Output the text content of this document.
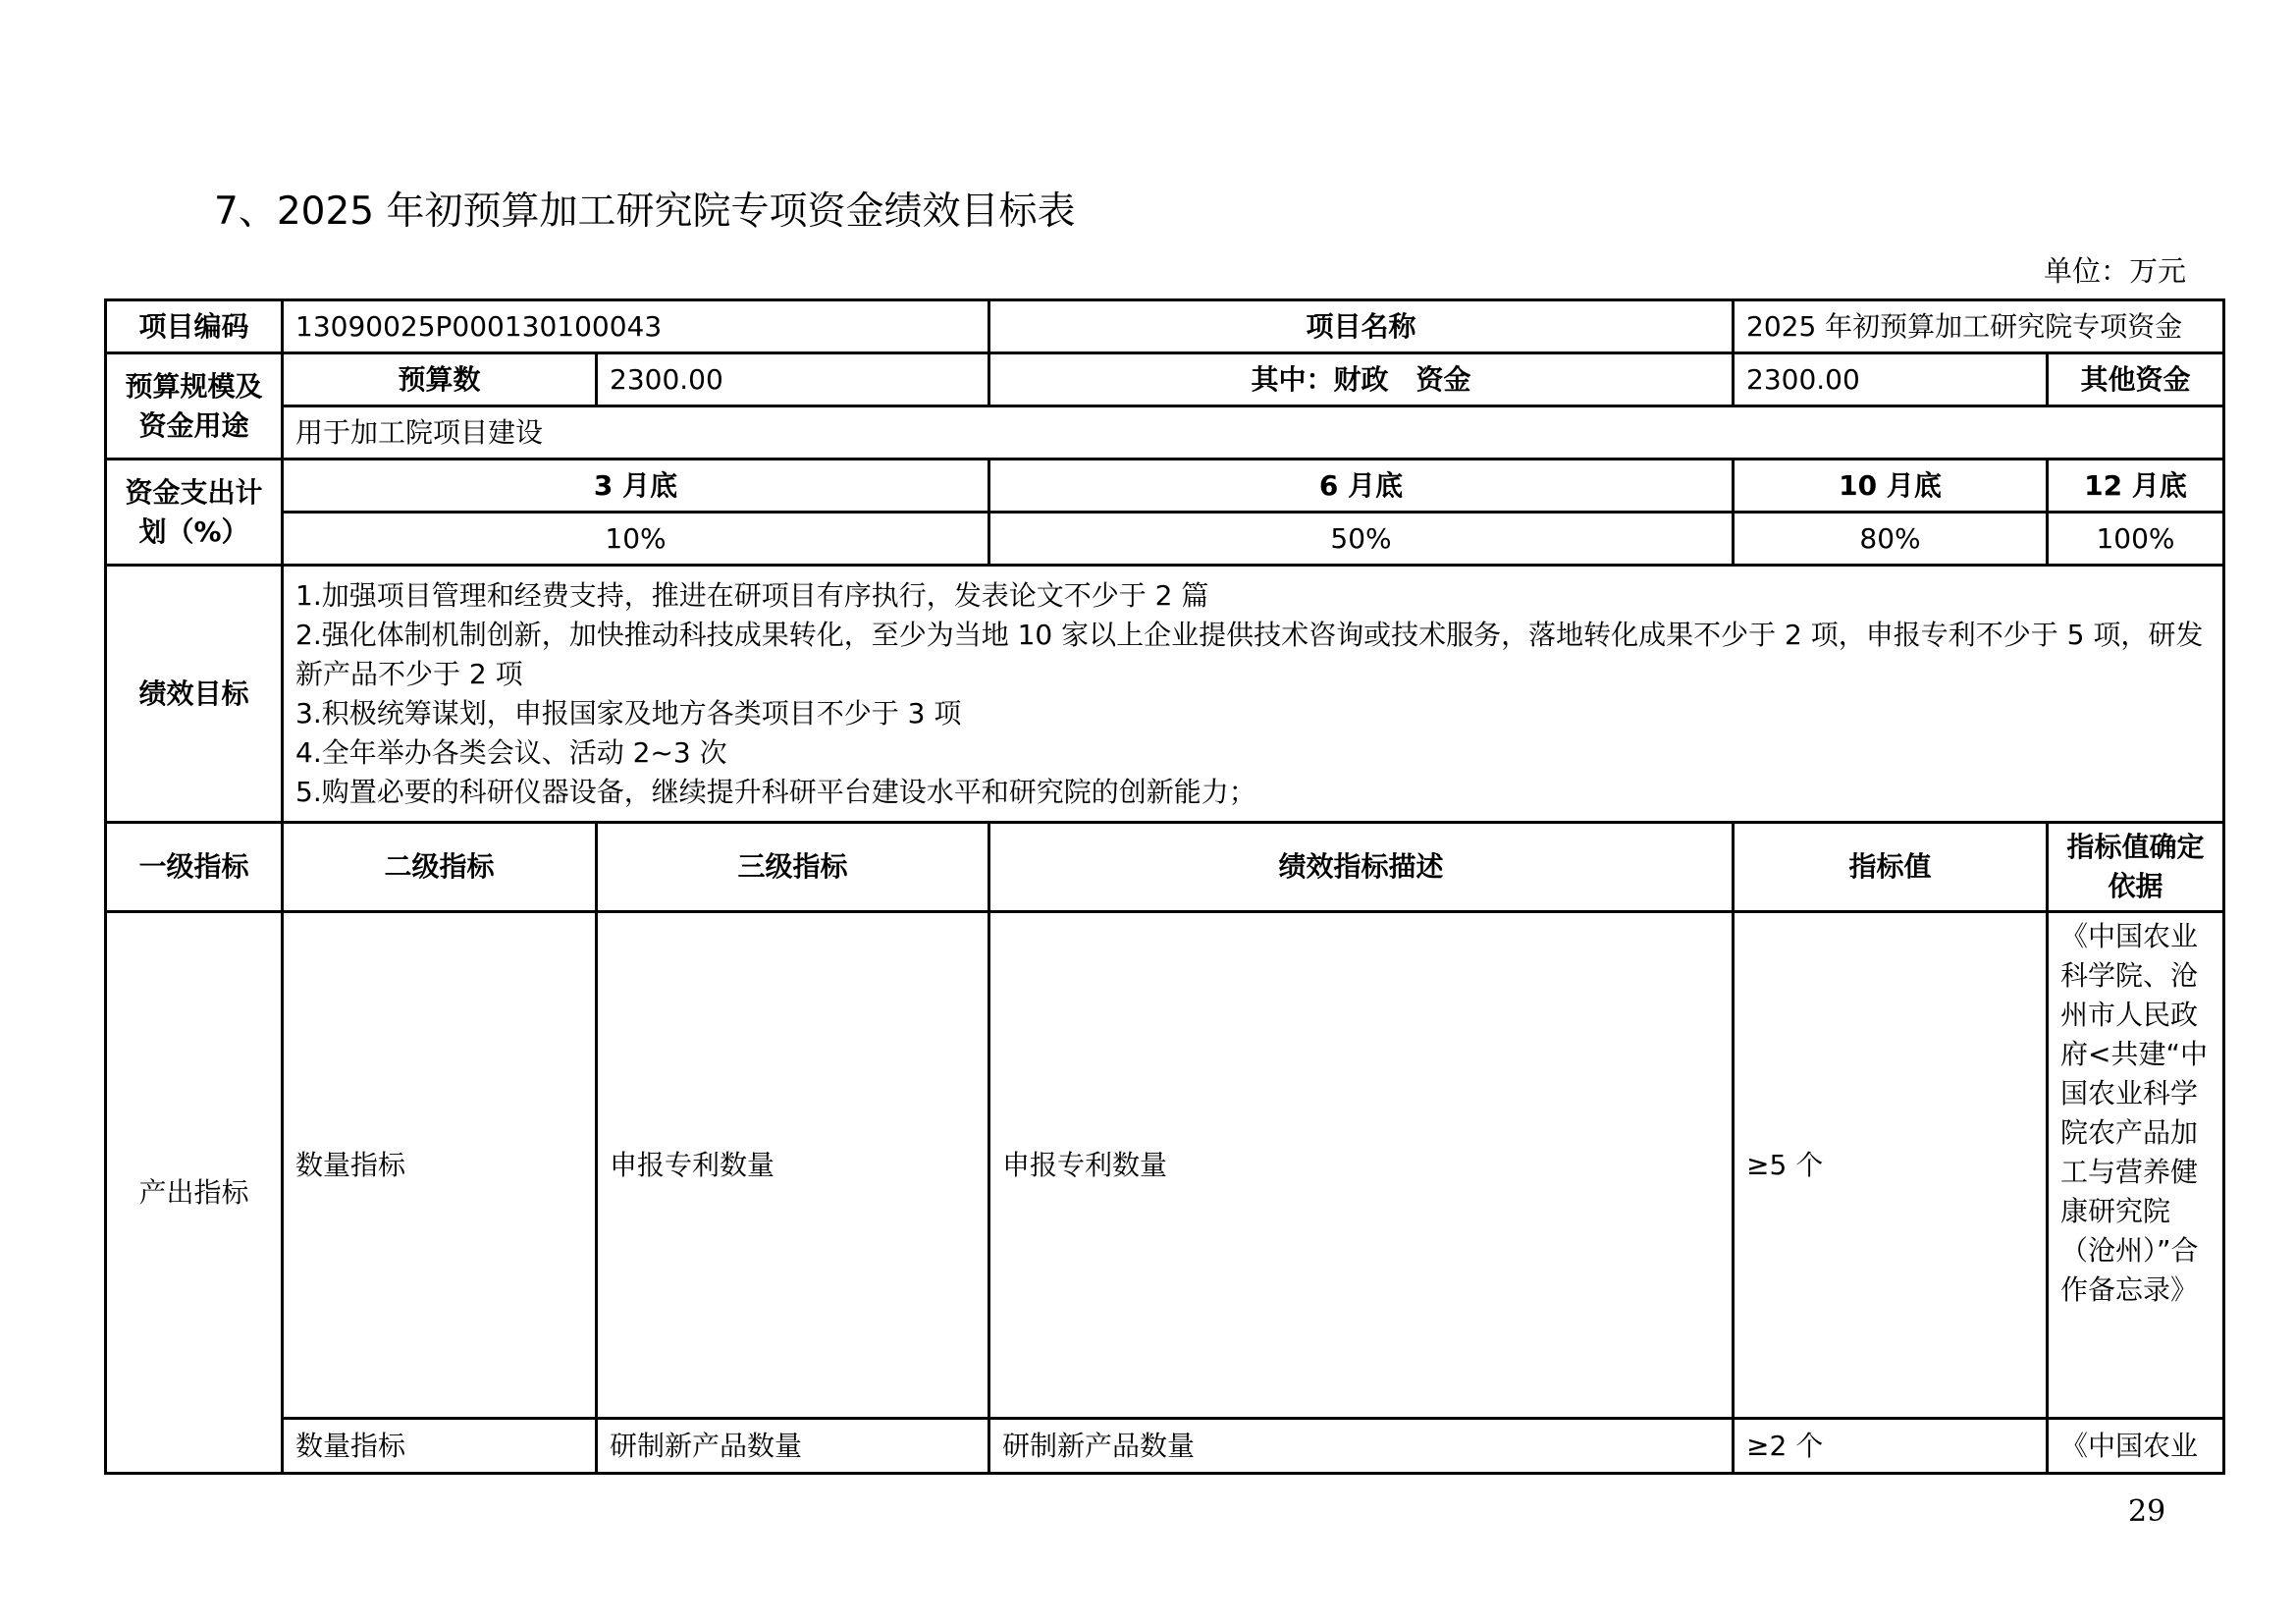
7、2025 年初预算加工研究院专项资金绩效目标表
单位：万元
项目编码	13090025P000130100043		项目名称	2025 年初预算加工研究院专项资金		
预算规模及资金用途	预算数	2300.00	其中：财政　资金	2300.00	其他资金	
	用于加工院项目建设					
资金支出计划（%）	3 月底		6 月底	10 月底	12 月底	
	10%		50%	80%	100%	
绩效目标	1.加强项目管理和经费支持，推进在研项目有序执行，发表论文不少于 2 篇
2.强化体制机制创新，加快推动科技成果转化，至少为当地 10 家以上企业提供技术咨询或技术服务，落地转化成果不少于 2 项，申报专利不少于 5 项，研发新产品不少于 2 项
3.积极统筹谋划，申报国家及地方各类项目不少于 3 项
4.全年举办各类会议、活动 2~3 次
5.购置必要的科研仪器设备，继续提升科研平台建设水平和研究院的创新能力；					

一级指标	二级指标	三级指标	绩效指标描述	指标值	指标值确定依据	
产出指标	数量指标	申报专利数量	申报专利数量	≥5 个	《中国农业科学院、沧州市人民政府<共建“中国农业科学院农产品加工与营养健康研究院（沧州）”合作备忘录》	
	数量指标	研制新产品数量	研制新产品数量	≥2 个	《中国农业	
29
